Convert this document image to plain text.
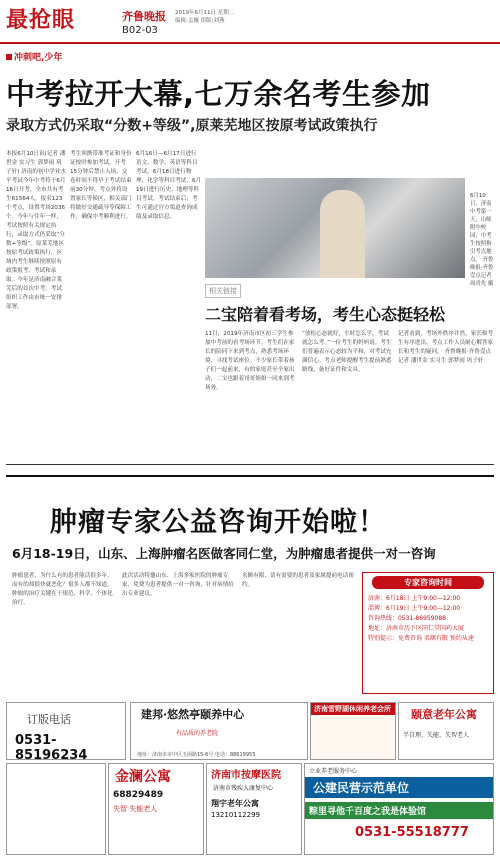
最抢眼	齐鲁晚报 2019年6月11日 星期二
编辑:孟巍 组版:刘燕
B02-03
冲刺吧,少年
中考拉开大幕,七万余名考生参加
录取方式仍采取“分数+等级”,原莱芜地区按原考试政策执行
本报6月10日讯(记者 潘世金 实习生 郭梦雨 巩子轩) 济南的初中学业水平考试今年中考将于6月16日开考，全市共有考生61564人，报名123个考点，设置考场2036个。今年与往年一样，考试按照有关规定执行，录取方式仍采取“分数+等级”。原莱芜地区按原考试政策执行，区域内考生继续按照原有政策报考、考试和录取。今年是济南融合莱芜后的首次中考，考试组织工作由市统一安排部署。
考生须携带准考证和身份证按时参加考试。开考15分钟后禁止入场，交卷时间不得早于考试结束前30分钟。考点外将设置家长等候区，相关部门将做好交通疏导等保障工作，确保中考顺利进行。
6月16日—6月17日进行语文、数学、英语等科目考试，6月18日进行物理、化学等科目考试，6月19日进行历史、地理等科目考试。考试结束后，考生可通过官方渠道查询成绩及录取信息。
6月10日，济南中考第一天，山师附中校园，中考生按照指引考点地点。 齐鲁晚报·齐鲁壹点记者 周青先 摄
相关链接
二宝陪着看考场，考生心态挺轻松
11日，2019年济南市区初三学生参加中考前的看考场环节。考生们在家长的陪同下来到考点，熟悉考场环境，寻找考试座位。不少家长带着孩子们一起前来，有的家庭甚至全家出动，二宝也跟着哥哥姐姐一同来到考场外。
“放松心态就好，平时怎么学，考试就怎么考。”一位考生的妈妈说。考生们普遍表示心态较为平和，对考试充满信心。考点老师提醒考生提前熟悉路线，备好证件和文具。
记者看到，考场外秩序井然，家长和考生有序进出。考点工作人员耐心解答家长和考生的疑问。 齐鲁晚报·齐鲁壹点记者 潘世金 实习生 郭梦雨 巩子轩
肿瘤专家公益咨询开始啦！
6月18-19日，山东、上海肿瘤名医做客同仁堂，为肿瘤患者提供一对一咨询
肿瘤患者，为什么有的患者能活很多年，而有的却很快就恶化？很多人都不知道，肿瘤的治疗关键在于规范、科学、个体化治疗。
此次活动特邀山东、上海多家医院的肿瘤专家，免费为患者提供一对一咨询，针对病情给出专业建议。
名额有限，请有需要的患者及家属提前电话预约。	专家咨询时间
济南：6月18日 上午9:00—12:00
淄博：6月19日 上午9:00—12:00
咨询热线：0531-86959088
地址：济南市历下区同仁堂国药大厦
特别提示：免费咨询 名额有限 预约从速
订版电话
0531-85196234
建邦·悠然亭颐养中心
有品质的养老院
地址：济南市市中区玉函路15-6号 电话：88619955
济南雪野湖休闲养老会所	颐意老年公寓
半自理、失能、失智老人
金澜公寓
68829489
失智 失能老人
济南市按摩医院
济南市残疾人康复中心
翔宇老年公寓
13210112299
立业养老服务中心
公建民营示范单位
粽里寻他千百度之我是体验馆
0531-55518777
